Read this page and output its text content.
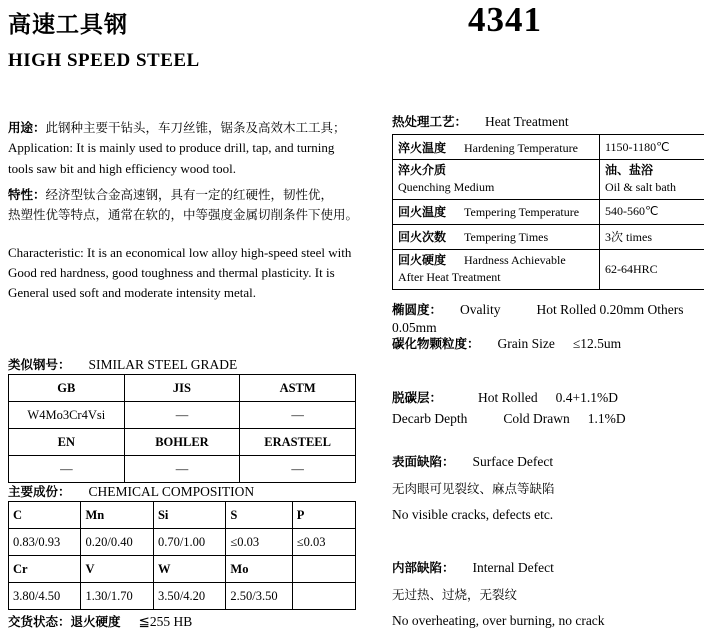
高速工具钢
HIGH SPEED STEEL
4341
用途：此钢种主要干钻头，车刀丝锥，锯条及高效木工工具；
Application: It is mainly used to produce drill, tap, and turning
tools saw bit and high efficiency wood tool.
特性：经济型钛合金高速钢，具有一定的红硬性，韧性优，
热塑性优等特点，通常在软的，中等强度金属切削条件下使用。
Characteristic: It is an economical low alloy high-speed steel with
Good red hardness, good toughness and thermal plasticity. It is
General used soft and moderate intensity metal.
类似钢号： SIMILAR STEEL GRADE
GB	JIS	ASTM
W4Mo3Cr4Vsi	—	—
EN	BOHLER	ERASTEEL
—	—	—
主要成份： CHEMICAL COMPOSITION
C	Mn	Si	S	P
0.83/0.93	0.20/0.40	0.70/1.00	≤0.03	≤0.03
Cr	V	W	Mo	
3.80/4.50	1.30/1.70	3.50/4.20	2.50/3.50	
交货状态：退火硬度 ≦255 HB
热处理工艺： Heat Treatment
淬火温度 Hardening Temperature	1150-1180℃

淬火介质
Quenching Medium	油、盐浴
Oil & salt bath

回火温度 Tempering Temperature	540-560℃
回火次数 Tempering Times	3次 times

回火硬度 Hardness Achievable
After Heat Treatment	62-64HRC
椭圆度： Ovality	Hot Rolled 0.20mm Others 0.05mm
碳化物颗粒度： Grain Size ≤12.5um
脱碳层：	Hot Rolled 0.4+1.1%D
Decarb Depth	Cold Drawn 1.1%D
表面缺陷： Surface Defect
无肉眼可见裂纹、麻点等缺陷
No visible cracks, defects etc.
内部缺陷： Internal Defect
无过热、过烧，无裂纹
No overheating, over burning, no crack
